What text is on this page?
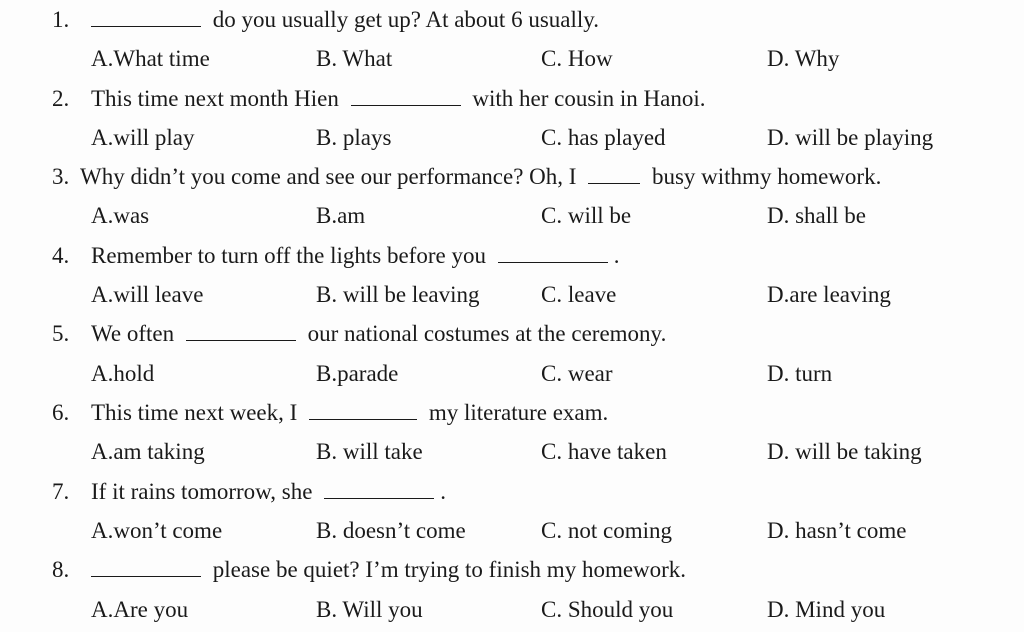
1.	do you usually get up? At about 6 usually.
A.What time	B. What	C. How	D. Why
2. This time next month Hien	with her cousin in Hanoi.
A.will play	B. plays	C. has played	D. will be playing
3. Why didn’t you come and see our performance? Oh, I	busy withmy homework.
A.was	B.am	C. will be	D. shall be
4. Remember to turn off the lights before you	.
A.will leave	B. will be leaving	C. leave	D.are leaving
5. We often	our national costumes at the ceremony.
A.hold	B.parade	C. wear	D. turn
6. This time next week, I	my literature exam.
A.am taking	B. will take	C. have taken	D. will be taking
7. If it rains tomorrow, she	.
A.won’t come	B. doesn’t come	C. not coming	D. hasn’t come
8.	please be quiet? I’m trying to finish my homework.
A.Are you	B. Will you	C. Should you	D. Mind you
